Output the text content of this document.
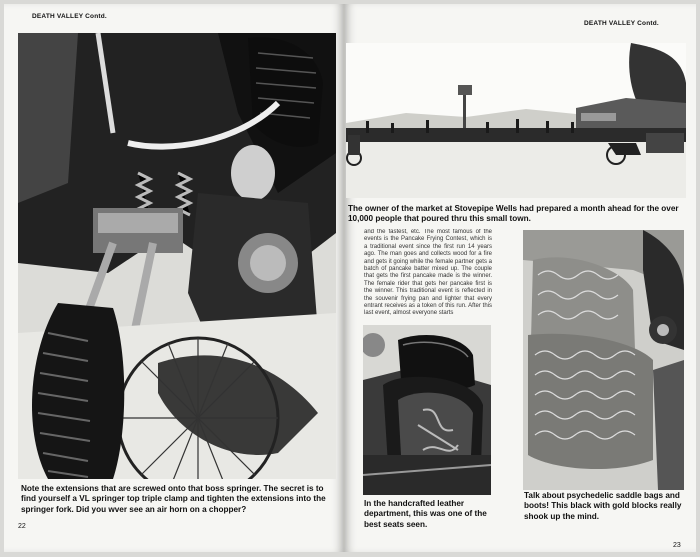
DEATH VALLEY Contd.

Note the extensions that are screwed onto that boss springer. The secret is to find yourself a VL springer top triple clamp and tighten the extensions into the springer fork. Did you wver see an air horn on a chopper?

22
DEATH VALLEY Contd.

The owner of the market at Stovepipe Wells had prepared a month ahead for the over 10,000 people that poured thru this small town.

and the fastest, etc. The most famous of the events is the Pancake Frying Contest, which is a traditional event since the first run 14 years ago. The man goes and collects wood for a fire and gets it going while the female partner gets a batch of pancake batter mixed up. The couple that gets the first pancake made is the winner. The female rider that gets her pancake first is the winner. This traditional event is reflected in the souvenir frying pan and lighter that every entrant receives as a token of this run. After this last event, almost everyone starts

In the handcrafted leather department, this was one of the best seats seen.

Talk about psychedelic saddle bags and boots! This black with gold blocks really shook up the mind.

23
